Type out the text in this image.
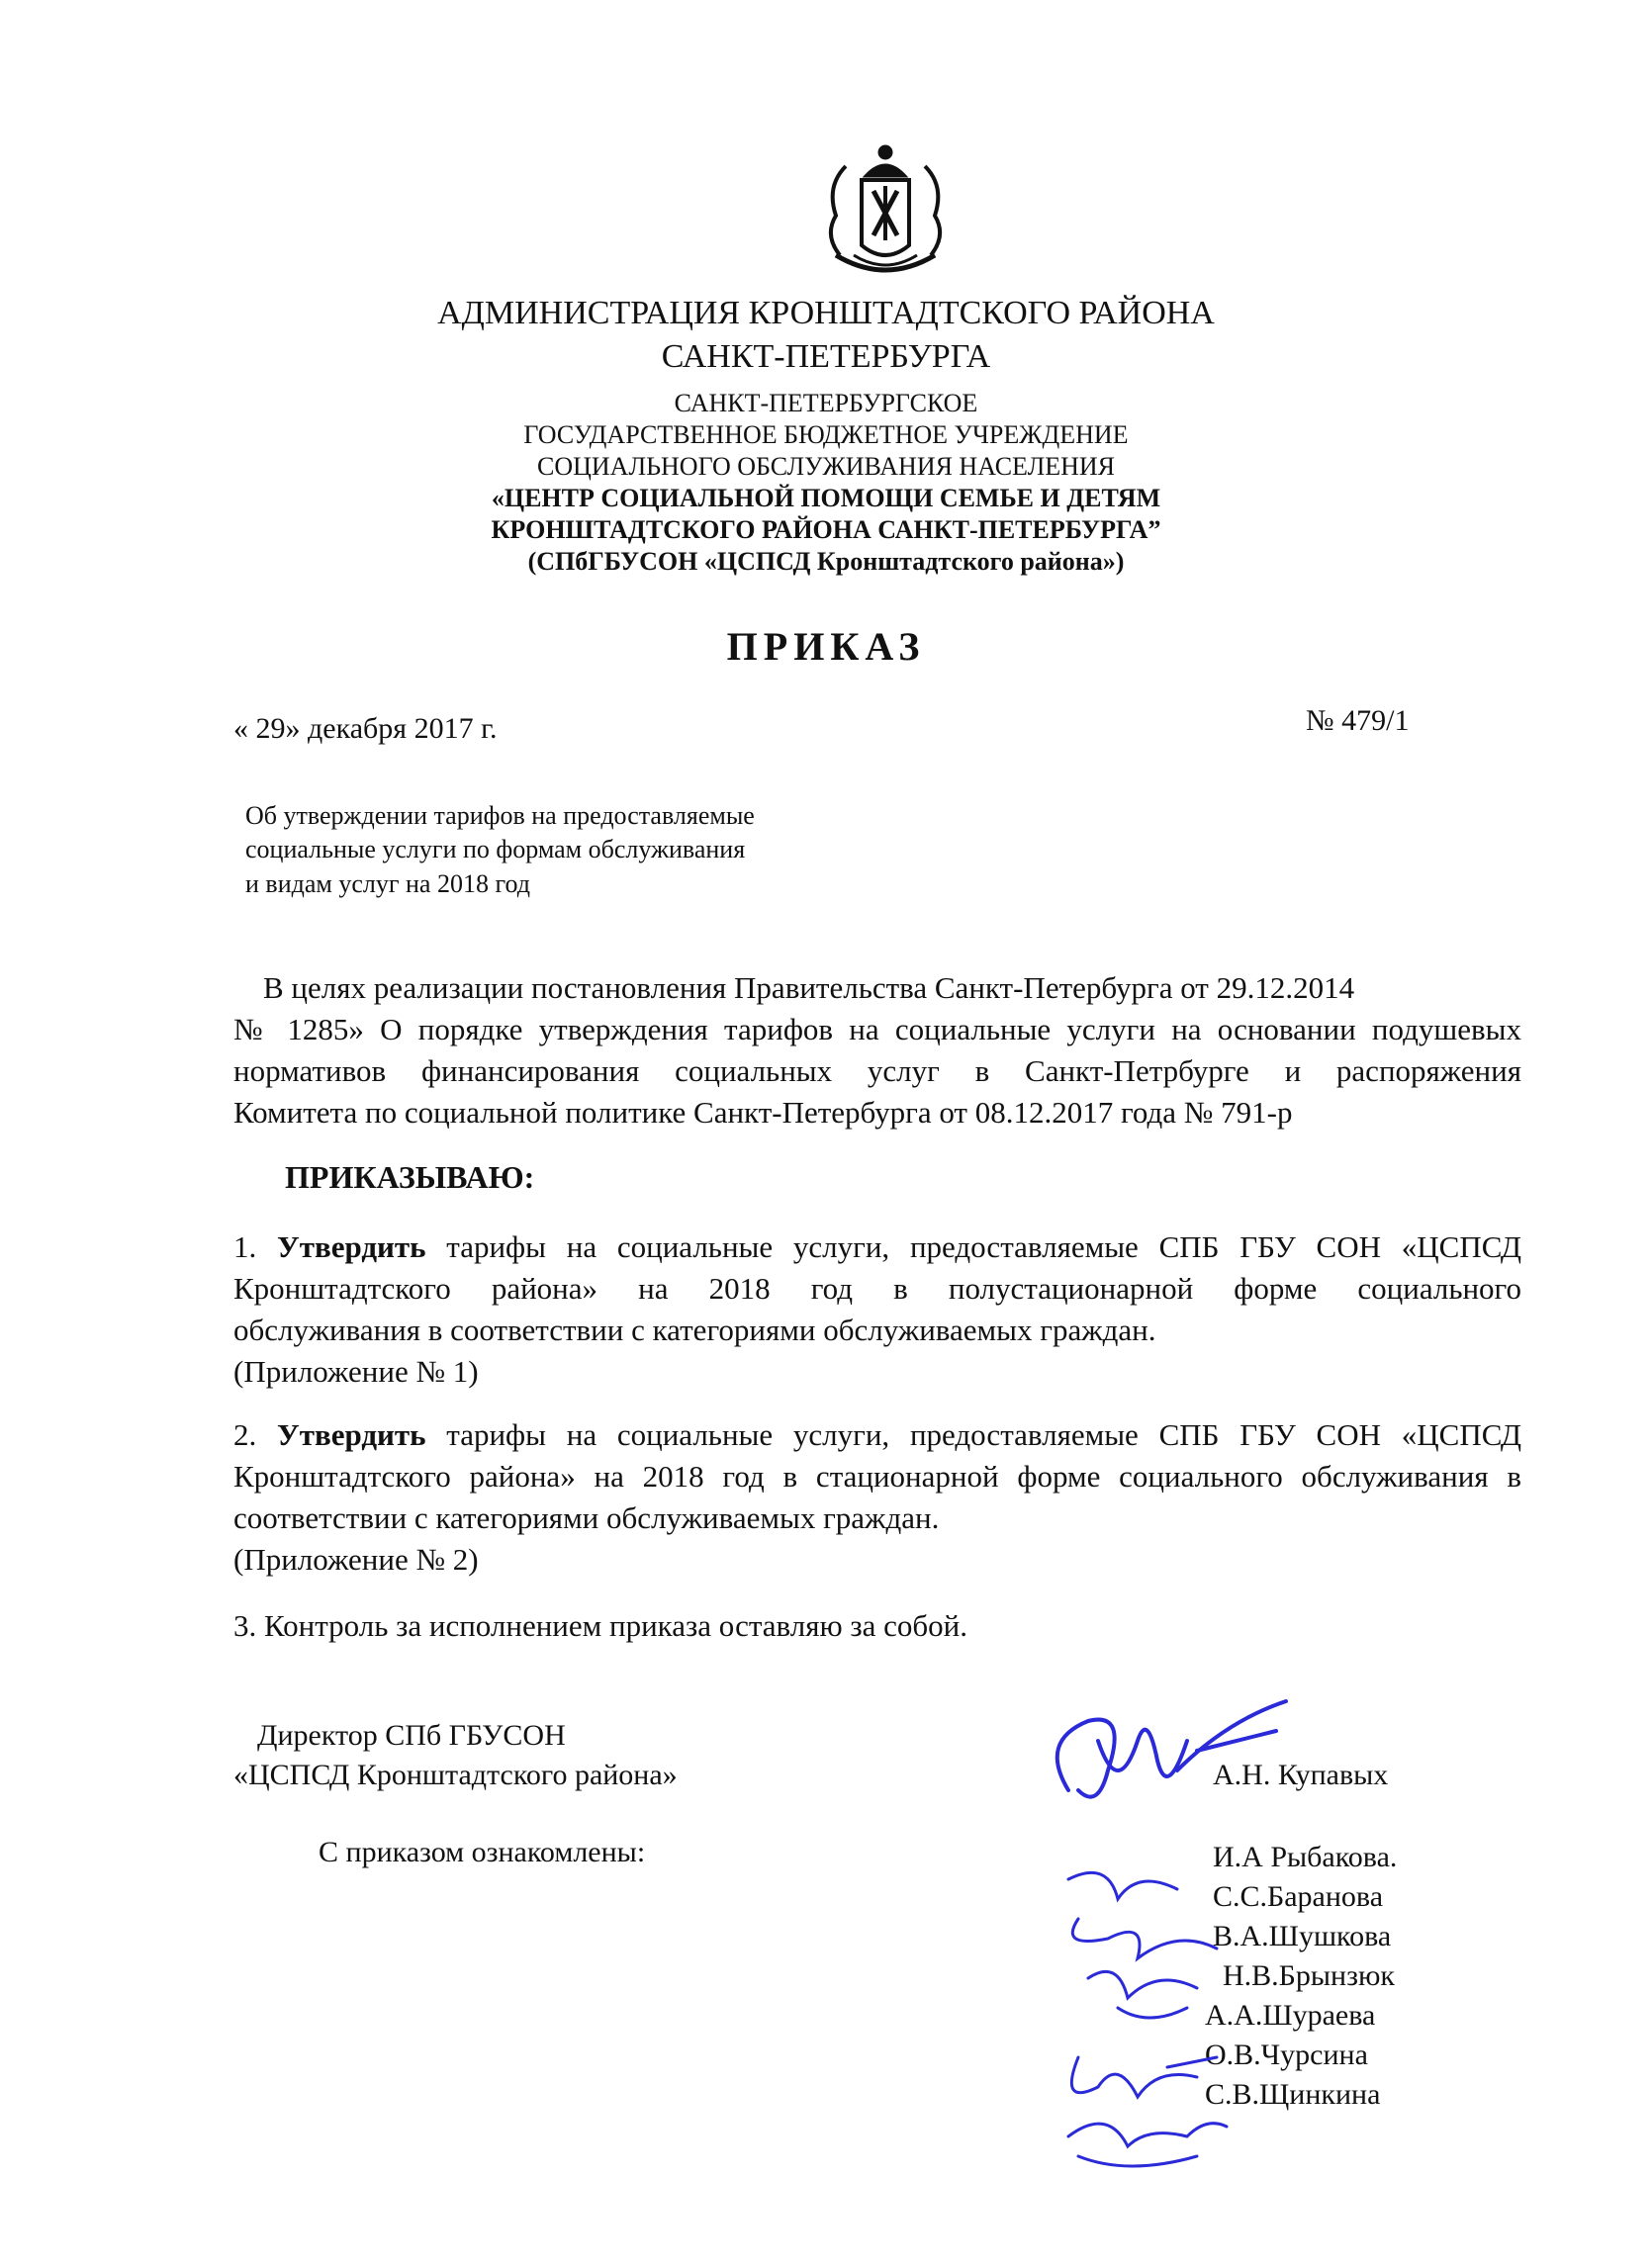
АДМИНИСТРАЦИЯ КРОНШТАДТСКОГО РАЙОНА
САНКТ-ПЕТЕРБУРГА
САНКТ-ПЕТЕРБУРГСКОЕ
ГОСУДАРСТВЕННОЕ БЮДЖЕТНОЕ УЧРЕЖДЕНИЕ
СОЦИАЛЬНОГО ОБСЛУЖИВАНИЯ НАСЕЛЕНИЯ
«ЦЕНТР СОЦИАЛЬНОЙ ПОМОЩИ СЕМЬЕ И ДЕТЯМ
КРОНШТАДТСКОГО РАЙОНА САНКТ-ПЕТЕРБУРГА”
(СПбГБУСОН «ЦСПСД Кронштадтского района»)
ПРИКАЗ
« 29» декабря 2017 г.	№ 479/1
Об утверждении тарифов на предоставляемые
социальные услуги по формам обслуживания
и видам услуг на 2018 год
В целях реализации постановления Правительства Санкт-Петербурга от 29.12.2014
№ 1285» О порядке утверждения тарифов на социальные услуги на основании подушевых
нормативов финансирования социальных услуг в Санкт-Петрбурге и распоряжения
Комитета по социальной политике Санкт-Петербурга от 08.12.2017 года № 791-р
ПРИКАЗЫВАЮ:
1. Утвердить тарифы на социальные услуги, предоставляемые СПБ ГБУ СОН «ЦСПСД
Кронштадтского района» на 2018 год в полустационарной форме социального
обслуживания в соответствии с категориями обслуживаемых граждан.
(Приложение № 1)
2. Утвердить тарифы на социальные услуги, предоставляемые СПБ ГБУ СОН «ЦСПСД
Кронштадтского района» на 2018 год в стационарной форме социального обслуживания в
соответствии с категориями обслуживаемых граждан.
(Приложение № 2)
3. Контроль за исполнением приказа оставляю за собой.
Директор СПб ГБУСОН
«ЦСПСД Кронштадтского района»	А.Н. Купавых
С приказом ознакомлены:	И.А Рыбакова.
С.С.Баранова
В.А.Шушкова
Н.В.Брынзюк
А.А.Шураева
О.В.Чурсина
С.В.Щинкина
